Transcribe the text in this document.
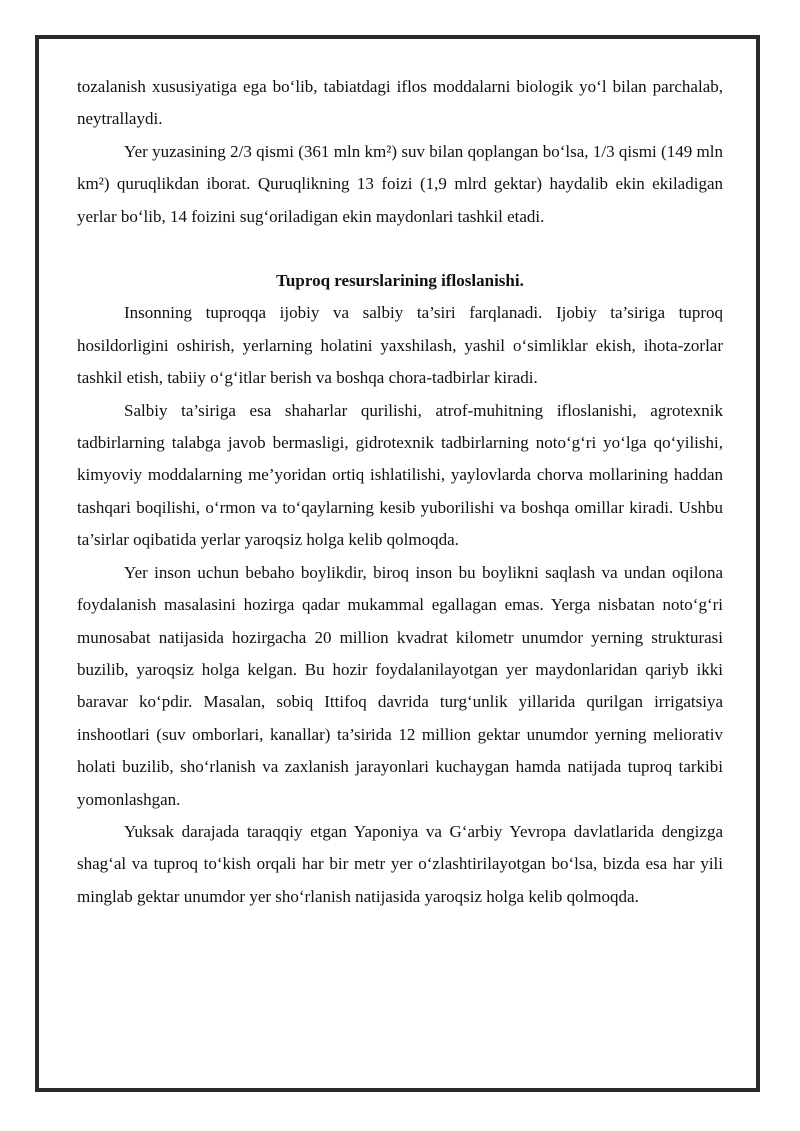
tozalanish xususiyatiga ega bo‘lib, tabiatdagi iflos moddalarni biologik yo‘l bilan parchalab, neytrallaydi.

Yer yuzasining 2/3 qismi (361 mln km²) suv bilan qoplangan bo‘lsa, 1/3 qismi (149 mln km²) quruqlikdan iborat. Quruqlikning 13 foizi (1,9 mlrd gektar) haydalib ekin ekiladigan yerlar bo‘lib, 14 foizini sug‘oriladigan ekin maydonlari tashkil etadi.

Tuproq resurslarining ifloslanishi.

Insonning tuproqqa ijobiy va salbiy ta’siri farqlanadi. Ijobiy ta’siriga tuproq hosildorligini oshirish, yerlarning holatini yaxshilash, yashil o‘simliklar ekish, ihota-zorlar tashkil etish, tabiiy o‘g‘itlar berish va boshqa chora-tadbirlar kiradi.

Salbiy ta’siriga esa shaharlar qurilishi, atrof-muhitning ifloslanishi, agrotexnik tadbirlarning talabga javob bermasligi, gidrotexnik tadbirlarning noto‘g‘ri yo‘lga qo‘yilishi, kimyoviy moddalarning me’yoridan ortiq ishlatilishi, yaylovlarda chorva mollarining haddan tashqari boqilishi, o‘rmon va to‘qaylarning kesib yuborilishi va boshqa omillar kiradi. Ushbu ta’sirlar oqibatida yerlar yaroqsiz holga kelib qolmoqda.

Yer inson uchun bebaho boylikdir, biroq inson bu boylikni saqlash va undan oqilona foydalanish masalasini hozirga qadar mukammal egallagan emas. Yerga nisbatan noto‘g‘ri munosabat natijasida hozirgacha 20 million kvadrat kilometr unumdor yerning strukturasi buzilib, yaroqsiz holga kelgan. Bu hozir foydalanilayotgan yer maydonlaridan qariyb ikki baravar ko‘pdir. Masalan, sobiq Ittifoq davrida turg‘unlik yillarida qurilgan irrigatsiya inshootlari (suv omborlari, kanallar) ta’sirida 12 million gektar unumdor yerning meliorativ holati buzilib, sho‘rlanish va zaxlanish jarayonlari kuchaygan hamda natijada tuproq tarkibi yomonlashgan.

Yuksak darajada taraqqiy etgan Yaponiya va G‘arbiy Yevropa davlatlarida dengizga shag‘al va tuproq to‘kish orqali har bir metr yer o‘zlashtirilayotgan bo‘lsa, bizda esa har yili minglab gektar unumdor yer sho‘rlanish natijasida yaroqsiz holga kelib qolmoqda.
